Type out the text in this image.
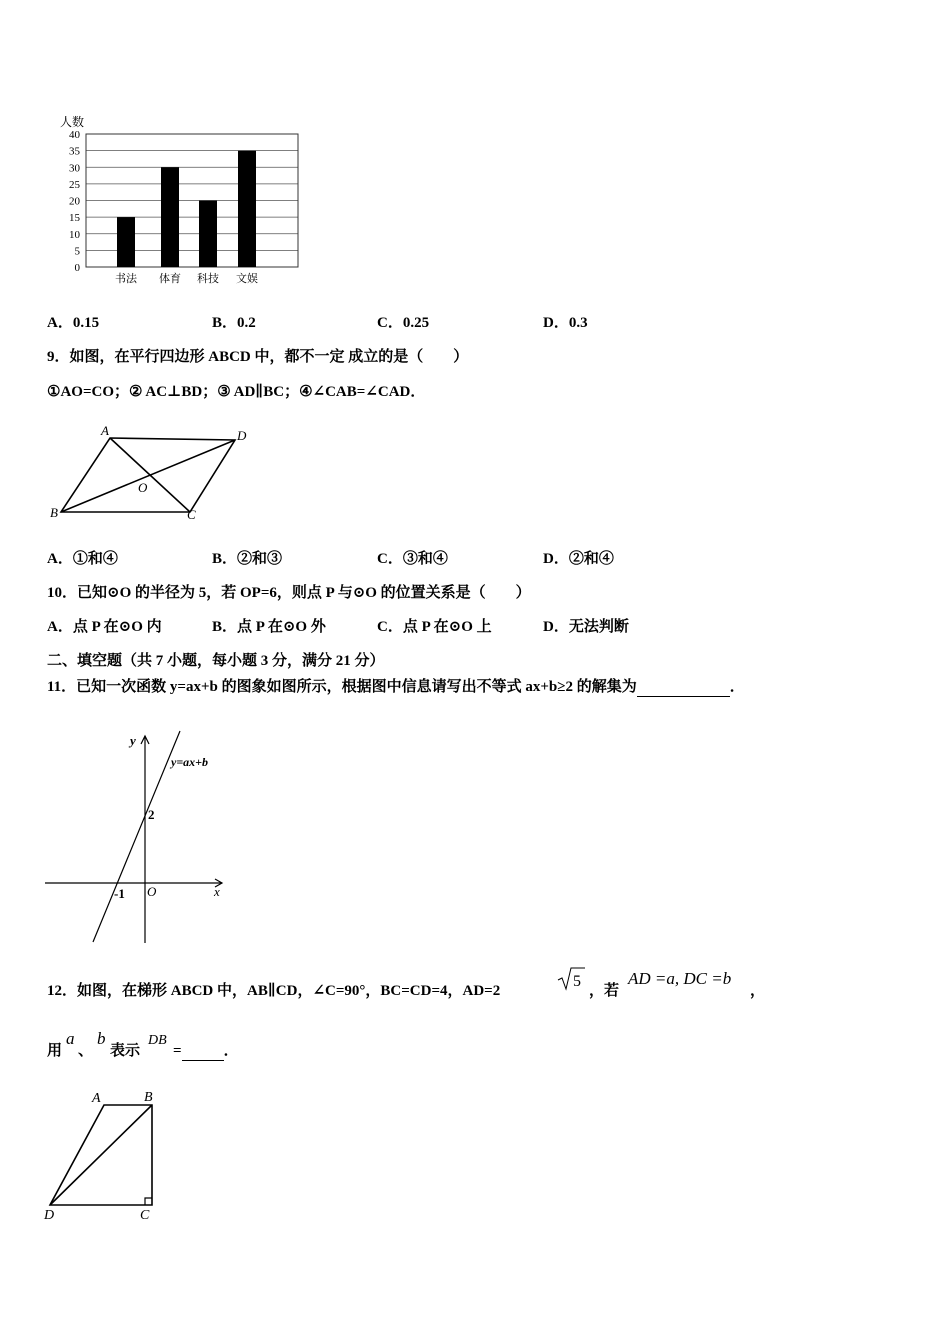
40
35
30
25
20
15
10
5
0
人数
书法 体育 科技 文娱
A．0.15	B．0.2	C．0.25	D．0.3
9．如图，在平行四边形 ABCD 中，都不一定 成立的是（　　）
①AO=CO；② AC⊥BD；③ AD∥BC；④∠CAB=∠CAD．
A	D
O
B	C
A．①和④	B．②和③	C．③和④	D．②和④
10．已知⊙O 的半径为 5，若 OP=6，则点 P 与⊙O 的位置关系是（　　）
A．点 P 在⊙O 内	B．点 P 在⊙O 外	C．点 P 在⊙O 上	D．无法判断
二、填空题（共 7 小题，每小题 3 分，满分 21 分）
11．已知一次函数 y=ax+b 的图象如图所示，根据图中信息请写出不等式 ax+b≥2 的解集为	．
y
y=ax+b
2
-1 O	x
12．如图，在梯形 ABCD 中，AB∥CD，∠C=90°，BC=CD=4，AD=2
5
，若
AD =a, DC =b
，
用
a
、
b
表示
DB
=	．
A	B
D	C
